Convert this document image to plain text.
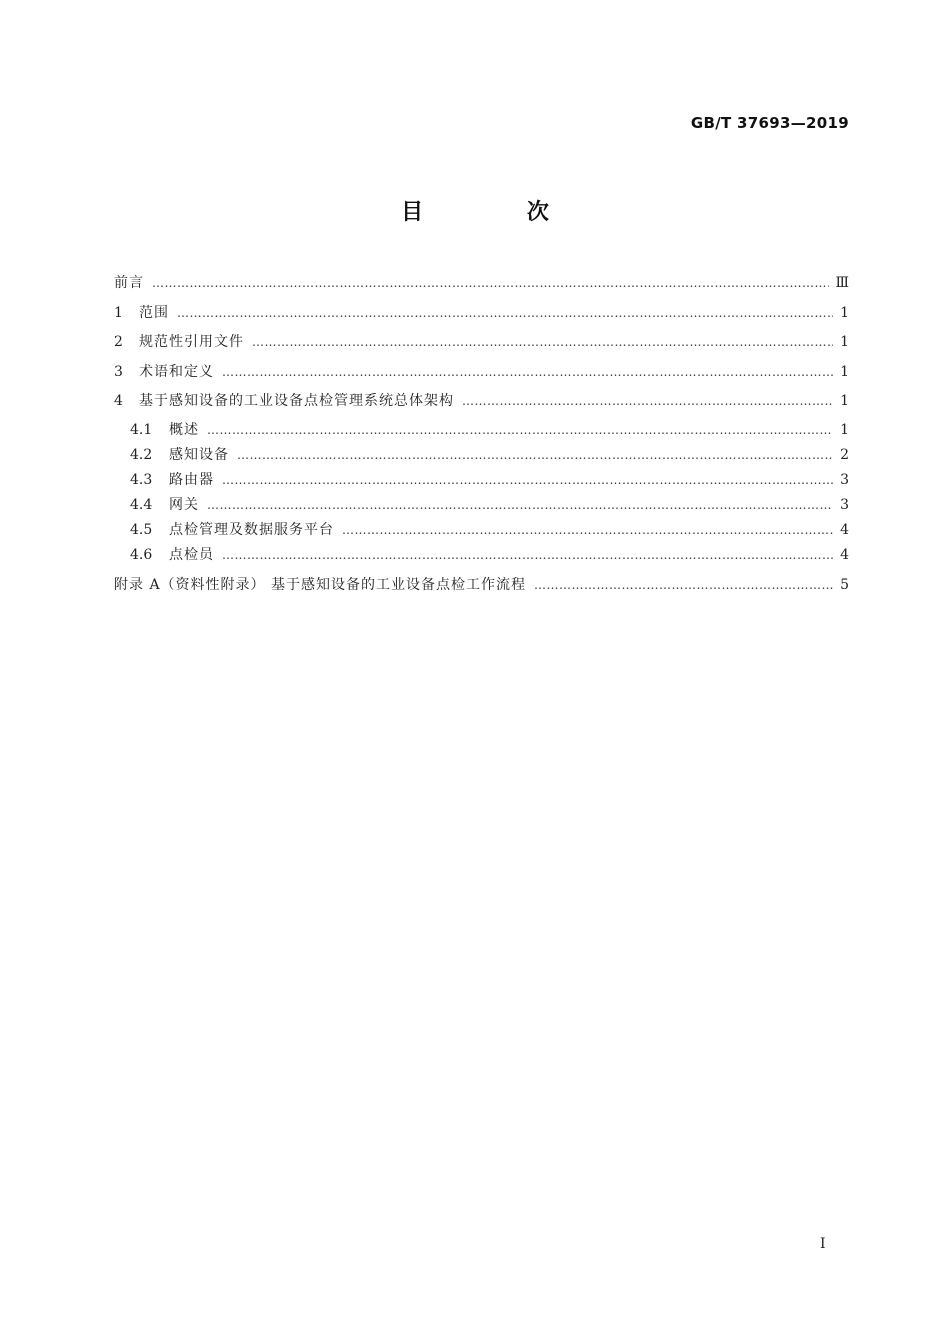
GB/T 37693—2019
目 次
前言 …………………………………………………………………………………………………………………………………………………………………………………………………………………………………………………………	Ⅲ
1	范围 …………………………………………………………………………………………………………………………………………………………………………………………………………………………………………………………	1
2	规范性引用文件 …………………………………………………………………………………………………………………………………………………………………………………………………………………………………………………………	1
3	术语和定义 …………………………………………………………………………………………………………………………………………………………………………………………………………………………………………………………	1
4	基于感知设备的工业设备点检管理系统总体架构 …………………………………………………………………………………………………………………………………………………………………………………………………………………………………………………………	1
4.1	概述 …………………………………………………………………………………………………………………………………………………………………………………………………………………………………………………………	1
4.2	感知设备 …………………………………………………………………………………………………………………………………………………………………………………………………………………………………………………………	2
4.3	路由器 …………………………………………………………………………………………………………………………………………………………………………………………………………………………………………………………	3
4.4	网关 …………………………………………………………………………………………………………………………………………………………………………………………………………………………………………………………	3
4.5	点检管理及数据服务平台 …………………………………………………………………………………………………………………………………………………………………………………………………………………………………………………………	4
4.6	点检员 …………………………………………………………………………………………………………………………………………………………………………………………………………………………………………………………	4
附录 A（资料性附录） 基于感知设备的工业设备点检工作流程 …………………………………………………………………………………………………………………………………………………………………………………………………………………………………………………………	5
I
